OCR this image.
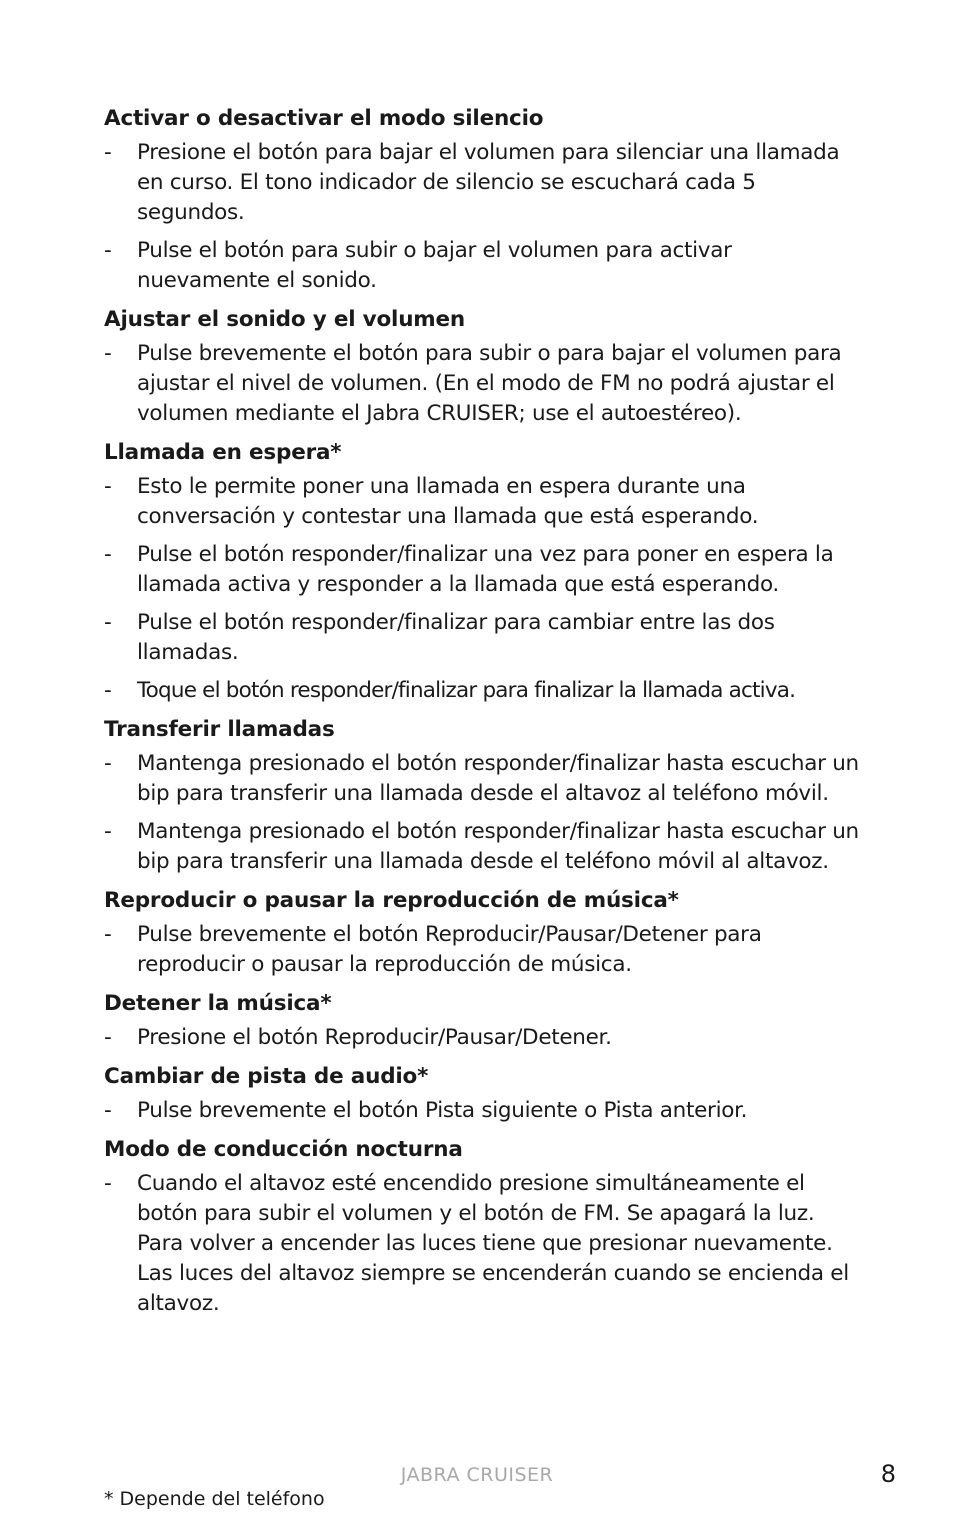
Activar o desactivar el modo silencio
- Presione el botón para bajar el volumen para silenciar una llamada en curso. El tono indicador de silencio se escuchará cada 5 segundos.
- Pulse el botón para subir o bajar el volumen para activar nuevamente el sonido.
Ajustar el sonido y el volumen
- Pulse brevemente el botón para subir o para bajar el volumen para ajustar el nivel de volumen. (En el modo de FM no podrá ajustar el volumen mediante el Jabra CRUISER; use el autoestéreo).
Llamada en espera*
- Esto le permite poner una llamada en espera durante una conversación y contestar una llamada que está esperando.
- Pulse el botón responder/finalizar una vez para poner en espera la llamada activa y responder a la llamada que está esperando.
- Pulse el botón responder/finalizar para cambiar entre las dos llamadas.
- Toque el botón responder/finalizar para finalizar la llamada activa.
Transferir llamadas
- Mantenga presionado el botón responder/finalizar hasta escuchar un bip para transferir una llamada desde el altavoz al teléfono móvil.
- Mantenga presionado el botón responder/finalizar hasta escuchar un bip para transferir una llamada desde el teléfono móvil al altavoz.
Reproducir o pausar la reproducción de música*
- Pulse brevemente el botón Reproducir/Pausar/Detener para reproducir o pausar la reproducción de música.
Detener la música*
- Presione el botón Reproducir/Pausar/Detener.
Cambiar de pista de audio*
- Pulse brevemente el botón Pista siguiente o Pista anterior.
Modo de conducción nocturna
- Cuando el altavoz esté encendido presione simultáneamente el botón para subir el volumen y el botón de FM. Se apagará la luz. Para volver a encender las luces tiene que presionar nuevamente. Las luces del altavoz siempre se encenderán cuando se encienda el altavoz.
JABRA CRUISER	8
* Depende del teléfono
